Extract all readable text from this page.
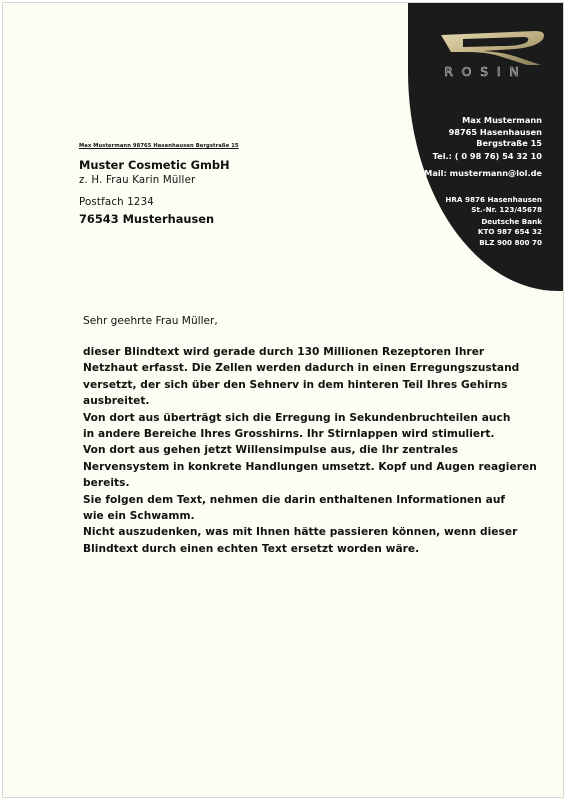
ROSIN
Max Mustermann
98765 Hasenhausen
Bergstraße 15
Tel.: ( 0 98 76) 54 32 10
eMail: mustermann@lol.de
HRA 9876 Hasenhausen
St.-Nr. 123/45678
Deutsche Bank
KTO 987 654 32
BLZ 900 800 70
Max Mustermann 98765 Hasenhausen Bergstraße 15
Muster Cosmetic GmbH
z. H. Frau Karin Müller
Postfach 1234
76543 Musterhausen
Sehr geehrte Frau Müller,
dieser Blindtext wird gerade durch 130 Millionen Rezeptoren Ihrer
Netzhaut erfasst. Die Zellen werden dadurch in einen Erregungszustand
versetzt, der sich über den Sehnerv in dem hinteren Teil Ihres Gehirns
ausbreitet.
Von dort aus überträgt sich die Erregung in Sekundenbruchteilen auch
in andere Bereiche Ihres Grosshirns. Ihr Stirnlappen wird stimuliert.
Von dort aus gehen jetzt Willensimpulse aus, die Ihr zentrales
Nervensystem in konkrete Handlungen umsetzt. Kopf und Augen reagieren
bereits.
Sie folgen dem Text, nehmen die darin enthaltenen Informationen auf
wie ein Schwamm.
Nicht auszudenken, was mit Ihnen hätte passieren können, wenn dieser
Blindtext durch einen echten Text ersetzt worden wäre.
